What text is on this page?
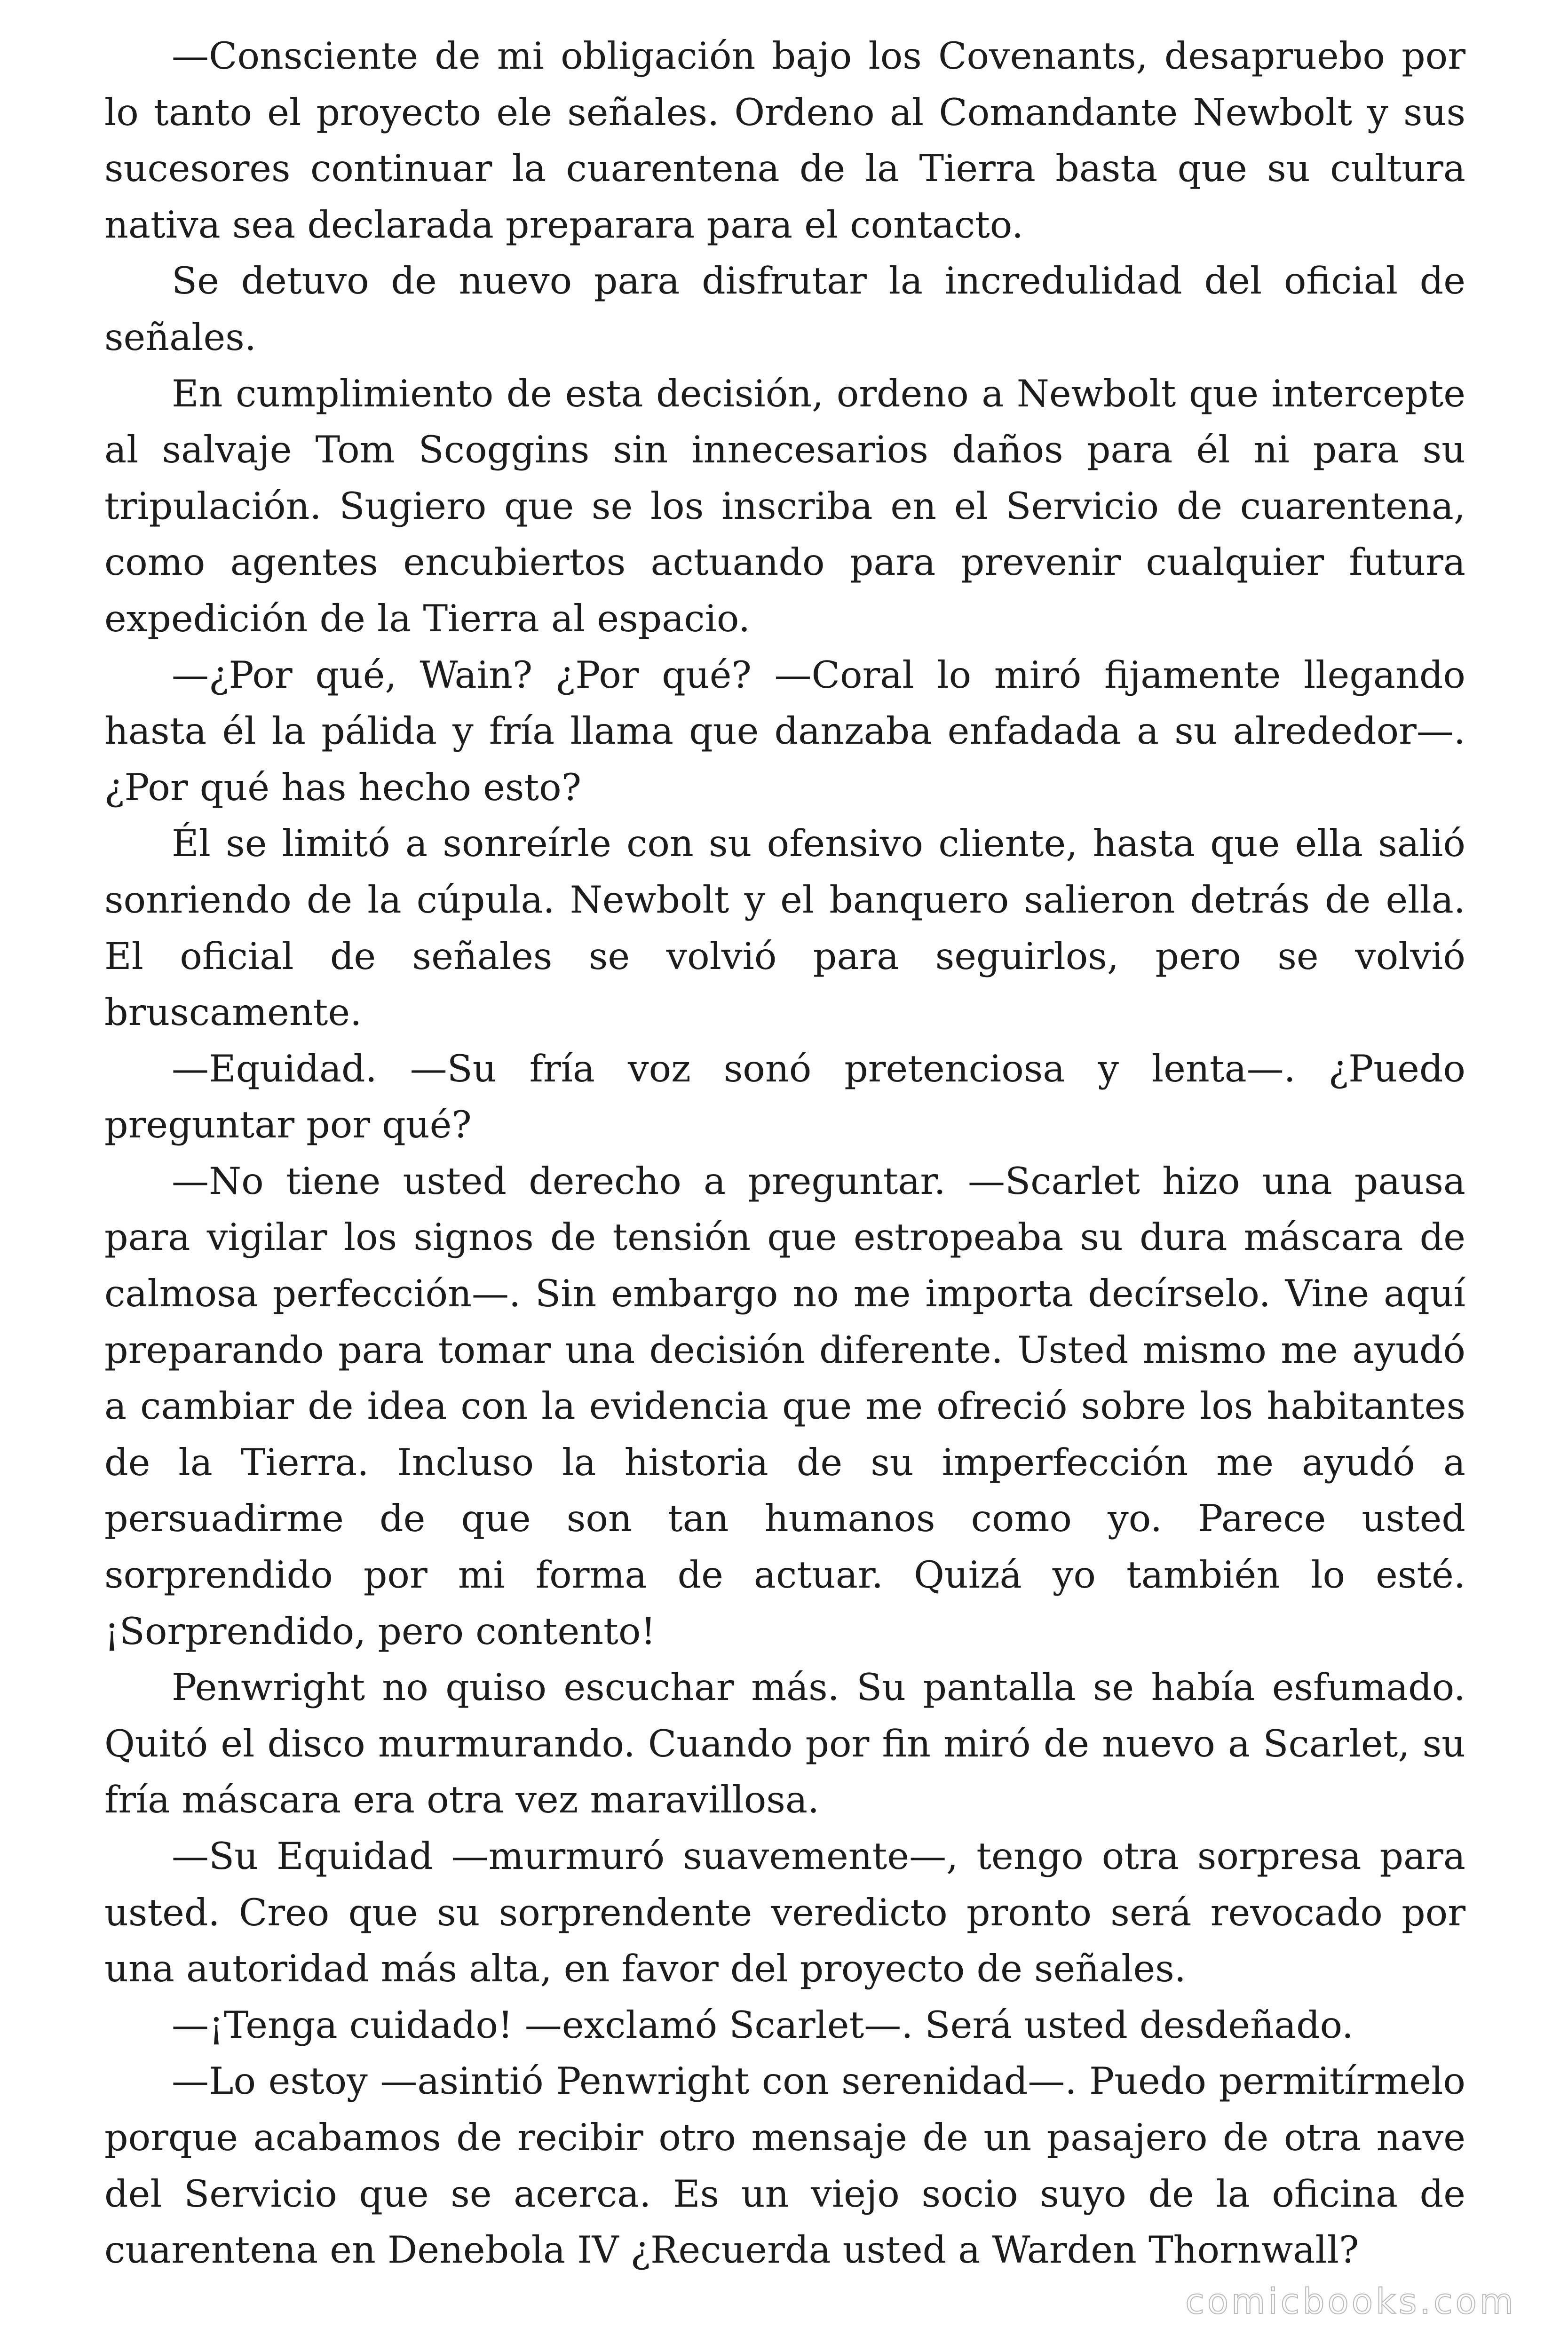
—Consciente de mi obligación bajo los Covenants, desapruebo por lo tanto el proyecto ele señales. Ordeno al Comandante Newbolt y sus sucesores continuar la cuarentena de la Tierra basta que su cultura nativa sea declarada preparara para el contacto.

Se detuvo de nuevo para disfrutar la incredulidad del oficial de señales.

En cumplimiento de esta decisión, ordeno a Newbolt que intercepte al salvaje Tom Scoggins sin innecesarios daños para él ni para su tripulación. Sugiero que se los inscriba en el Servicio de cuarentena, como agentes encubiertos actuando para prevenir cualquier futura expedición de la Tierra al espacio.

—¿Por qué, Wain? ¿Por qué? —Coral lo miró fijamente llegando hasta él la pálida y fría llama que danzaba enfadada a su alrededor—. ¿Por qué has hecho esto?

Él se limitó a sonreírle con su ofensivo cliente, hasta que ella salió sonriendo de la cúpula. Newbolt y el banquero salieron detrás de ella. El oficial de señales se volvió para seguirlos, pero se volvió bruscamente.

—Equidad. —Su fría voz sonó pretenciosa y lenta—. ¿Puedo preguntar por qué?

—No tiene usted derecho a preguntar. —Scarlet hizo una pausa para vigilar los signos de tensión que estropeaba su dura máscara de calmosa perfección—. Sin embargo no me importa decírselo. Vine aquí preparando para tomar una decisión diferente. Usted mismo me ayudó a cambiar de idea con la evidencia que me ofreció sobre los habitantes de la Tierra. Incluso la historia de su imperfección me ayudó a persuadirme de que son tan humanos como yo. Parece usted sorprendido por mi forma de actuar. Quizá yo también lo esté. ¡Sorprendido, pero contento!

Penwright no quiso escuchar más. Su pantalla se había esfumado. Quitó el disco murmurando. Cuando por fin miró de nuevo a Scarlet, su fría máscara era otra vez maravillosa.

—Su Equidad —murmuró suavemente—, tengo otra sorpresa para usted. Creo que su sorprendente veredicto pronto será revocado por una autoridad más alta, en favor del proyecto de señales.

—¡Tenga cuidado! —exclamó Scarlet—. Será usted desdeñado.

—Lo estoy —asintió Penwright con serenidad—. Puedo permitírmelo porque acabamos de recibir otro mensaje de un pasajero de otra nave del Servicio que se acerca. Es un viejo socio suyo de la oficina de cuarentena en Denebola IV ¿Recuerda usted a Warden Thornwall?

comicbooks.com
